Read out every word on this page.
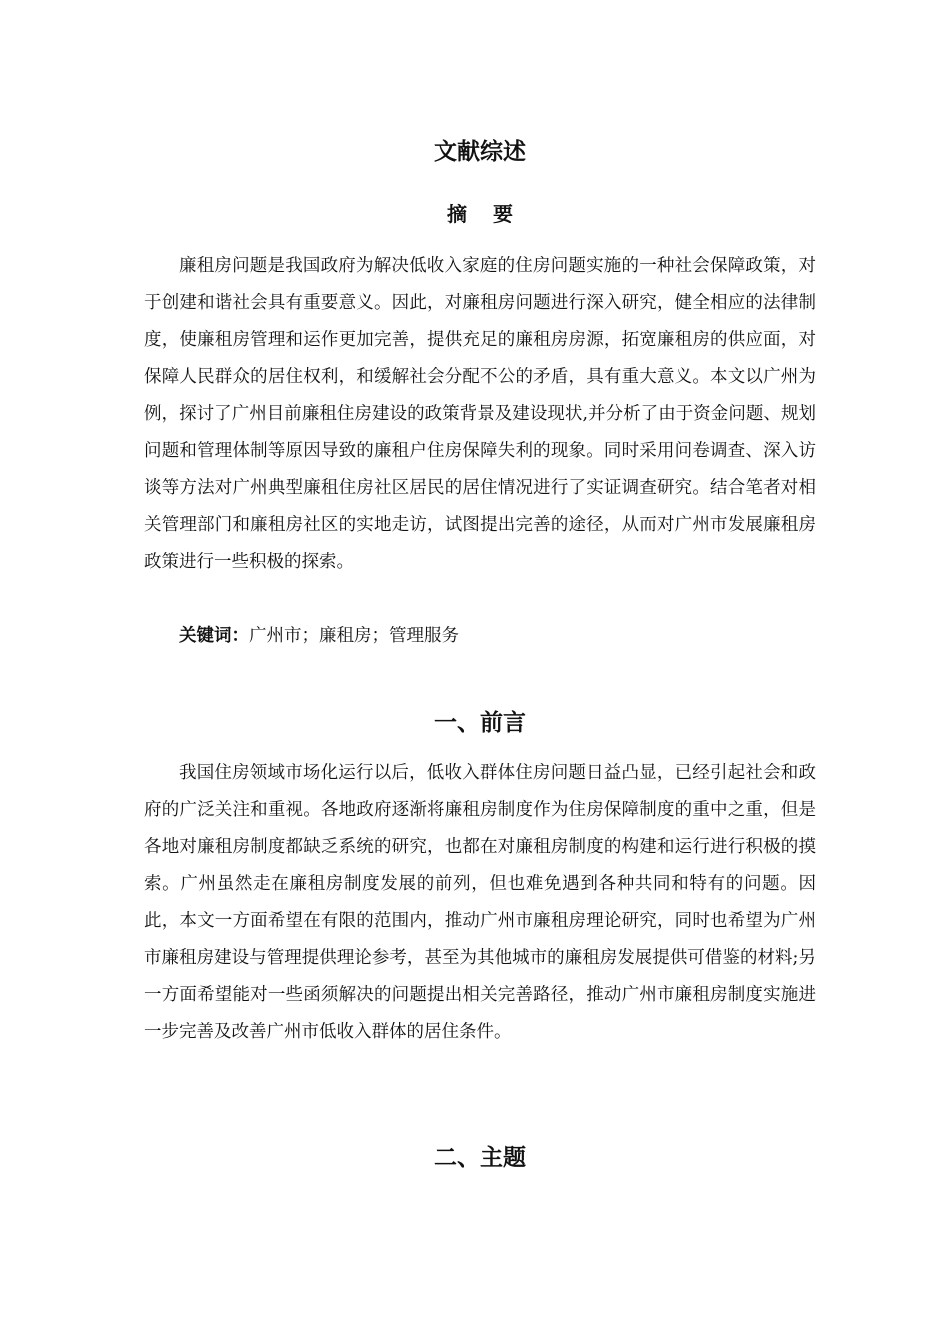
文献综述
摘 要

廉租房问题是我国政府为解决低收入家庭的住房问题实施的一种社会保障政策，对于创建和谐社会具有重要意义。因此，对廉租房问题进行深入研究，健全相应的法律制度，使廉租房管理和运作更加完善，提供充足的廉租房房源，拓宽廉租房的供应面，对保障人民群众的居住权利，和缓解社会分配不公的矛盾，具有重大意义。本文以广州为例，探讨了广州目前廉租住房建设的政策背景及建设现状,并分析了由于资金问题、规划问题和管理体制等原因导致的廉租户住房保障失利的现象。同时采用问卷调查、深入访谈等方法对广州典型廉租住房社区居民的居住情况进行了实证调查研究。结合笔者对相关管理部门和廉租房社区的实地走访，试图提出完善的途径，从而对广州市发展廉租房政策进行一些积极的探索。

关键词：广州市；廉租房；管理服务

一、前言

我国住房领域市场化运行以后，低收入群体住房问题日益凸显，已经引起社会和政府的广泛关注和重视。各地政府逐渐将廉租房制度作为住房保障制度的重中之重，但是各地对廉租房制度都缺乏系统的研究，也都在对廉租房制度的构建和运行进行积极的摸索。广州虽然走在廉租房制度发展的前列，但也难免遇到各种共同和特有的问题。因此，本文一方面希望在有限的范围内，推动广州市廉租房理论研究，同时也希望为广州市廉租房建设与管理提供理论参考，甚至为其他城市的廉租房发展提供可借鉴的材料;另一方面希望能对一些函须解决的问题提出相关完善路径，推动广州市廉租房制度实施进一步完善及改善广州市低收入群体的居住条件。

二、主题
